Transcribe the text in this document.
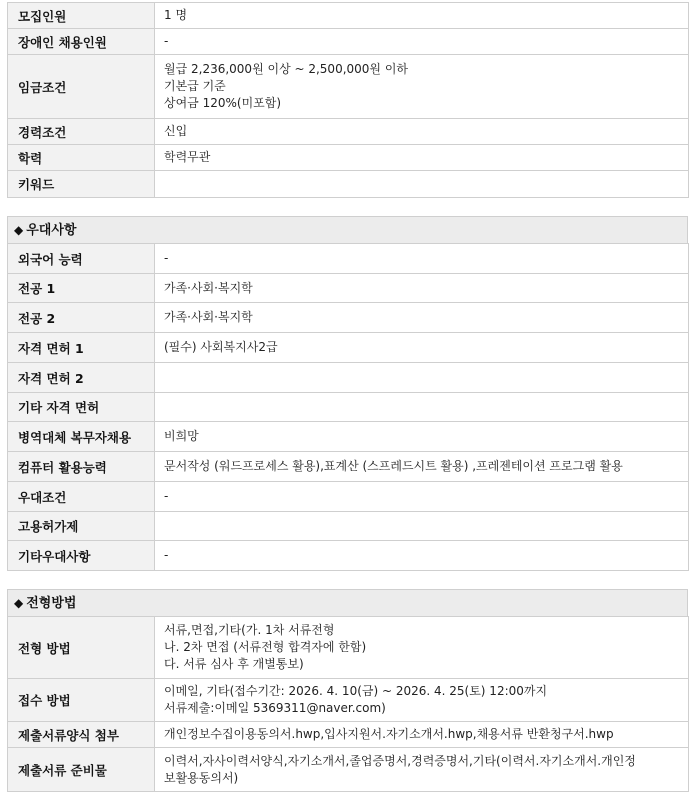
모집인원	1 명

장애인 채용인원	-

임금조건	월급 2,236,000원 이상 ~ 2,500,000원 이하
기본급 기준
상여금 120%(미포함)

경력조건	신입

학력	학력무관

키워드	
◆ 우대사항
외국어 능력	-

전공 1	가족·사회·복지학

전공 2	가족·사회·복지학

자격 면허 1	(필수) 사회복지사2급

자격 면허 2	

기타 자격 면허	

병역대체 복무자채용	비희망

컴퓨터 활용능력	문서작성 (워드프로세스 활용),표계산 (스프레드시트 활용) ,프레젠테이션 프로그램 활용

우대조건	-

고용허가제	

기타우대사항	-
◆ 전형방법
전형 방법	서류,면접,기타(가. 1차 서류전형
나. 2차 면접 (서류전형 합격자에 한함)
다. 서류 심사 후 개별통보)

접수 방법	이메일, 기타(접수기간: 2026. 4. 10(금) ~ 2026. 4. 25(토) 12:00까지
서류제출:이메일 5369311@naver.com)

제출서류양식 첨부	개인정보수집이용동의서.hwp,입사지원서.자기소개서.hwp,채용서류 반환청구서.hwp

제출서류 준비물	이력서,자사이력서양식,자기소개서,졸업증명서,경력증명서,기타(이력서.자기소개서.개인정
보활용동의서)
